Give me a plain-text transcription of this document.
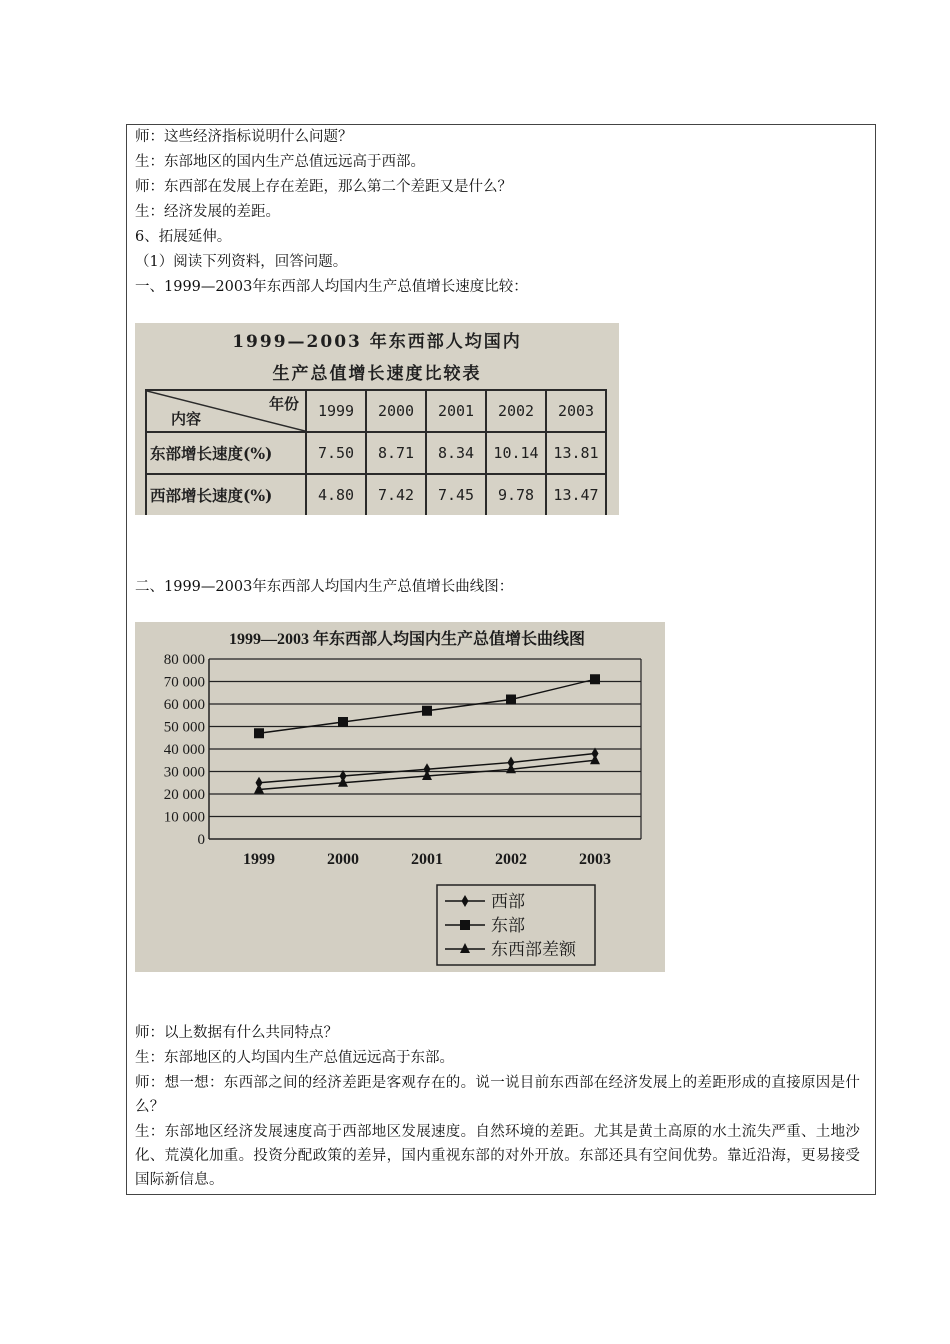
师：这些经济指标说明什么问题？
生：东部地区的国内生产总值远远高于西部。
师：东西部在发展上存在差距，那么第二个差距又是什么？
生：经济发展的差距。
6、拓展延伸。
（1）阅读下列资料，回答问题。
一、1999—2003年东西部人均国内生产总值增长速度比较：
1999—2003 年东西部人均国内
生产总值增长速度比较表
年份
内容	1999	2000	2001	2002	2003
东部增长速度(%)	7.50	8.71	8.34	10.14	13.81
西部增长速度(%)	4.80	7.42	7.45	9.78	13.47
二、1999—2003年东西部人均国内生产总值增长曲线图：
1999—2003 年东西部人均国内生产总值增长曲线图
0
10 000
20 000
30 000
40 000
50 000
60 000
70 000
80 000
1999	2000	2001	2002	2003
西部
东部
东西部差额
师：以上数据有什么共同特点？
生：东部地区的人均国内生产总值远远高于东部。
师：想一想：东西部之间的经济差距是客观存在的。说一说目前东西部在经济发展上的差距形成的直接原因是什么？
生：东部地区经济发展速度高于西部地区发展速度。自然环境的差距。尤其是黄土高原的水土流失严重、土地沙化、荒漠化加重。投资分配政策的差异，国内重视东部的对外开放。东部还具有空间优势。靠近沿海，更易接受国际新信息。
